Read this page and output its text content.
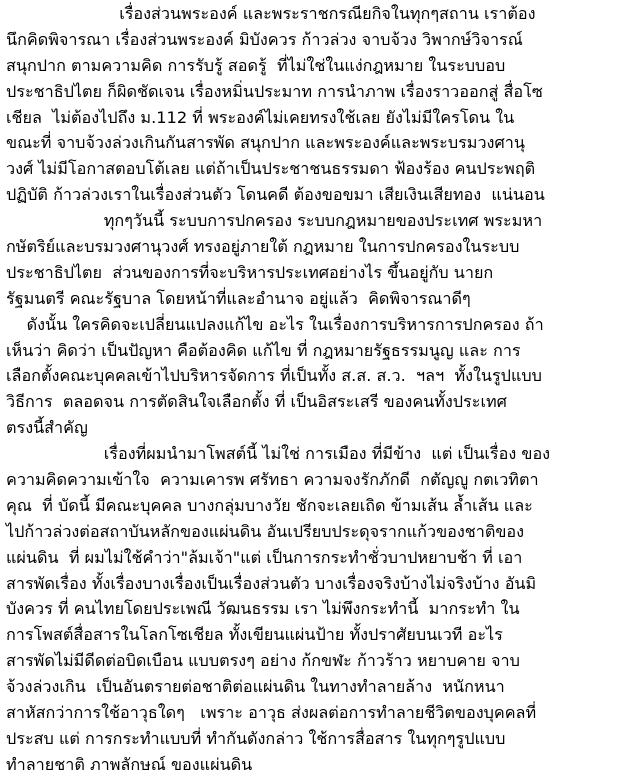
เรื่องส่วนพระองค์ และพระราชกรณียกิจในทุกๆสถาน เราต้อง
นึกคิดพิจารณา เรื่องส่วนพระองค์ มิบังควร ก้าวล่วง จาบจ้วง วิพากษ์วิจารณ์
สนุกปาก ตามความคิด การรับรู้ สอดรู้  ที่ไม่ใช่ในแง่กฎหมาย ในระบบอบ
ประชาธิปไตย ก็ผิดชัดเจน เรื่องหมิ่นประมาท การนำภาพ เรื่องราวออกสู่ สื่อโซ
เชียล  ไม่ต้องไปถึง ม.112 ที่ พระองค์ไม่เคยทรงใช้เลย ยังไม่มีใครโดน ใน
ขณะที่ จาบจ้วงล่วงเกินกันสารพัด สนุกปาก และพระองค์และพระบรมวงศานุ
วงศ์ ไม่มีโอกาสตอบโต้เลย แต่ถ้าเป็นประชาชนธรรมดา ฟ้องร้อง คนประพฤติ
ปฏิบัติ ก้าวล่วงเราในเรื่องส่วนตัว โดนคดี ต้องขอขมา เสียเงินเสียทอง  แน่นอน
ทุกๆวันนี้ ระบบการปกครอง ระบบกฎหมายของประเทศ พระมหา
กษัตริย์และบรมวงศานุวงศ์ ทรงอยู่ภายใต้ กฎหมาย ในการปกครองในระบบ
ประชาธิปไตย  ส่วนของการที่จะบริหารประเทศอย่างไร ขึ้นอยู่กับ นายก
รัฐมนตรี คณะรัฐบาล โดยหน้าที่และอำนาจ อยู่แล้ว  คิดพิจารณาดีๆ
ดังนั้น ใครคิดจะเปลี่ยนแปลงแก้ไข อะไร ในเรื่องการบริหารการปกครอง ถ้า
เห็นว่า คิดว่า เป็นปัญหา คือต้องคิด แก้ไข ที่ กฎหมายรัฐธรรมนูญ และ การ
เลือกตั้งคณะบุคคลเข้าไปบริหารจัดการ ที่เป็นทั้ง ส.ส. ส.ว.  ฯลฯ  ทั้งในรูปแบบ
วิธีการ  ตลอดจน การตัดสินใจเลือกตั้ง ที่ เป็นอิสระเสรี ของคนทั้งประเทศ
ตรงนี้สำคัญ
เรื่องที่ผมนำมาโพสต์นี้ ไม่ใช่ การเมือง ที่มีข้าง  แต่ เป็นเรื่อง ของ
ความคิดความเข้าใจ  ความเคารพ ศรัทธา ความจงรักภักดี  กตัญญู กตเวทิตา
คุณ  ที่ บัดนี้ มีคณะบุคคล บางกลุ่มบางวัย ชักจะเลยเถิด ข้ามเส้น ล้ำเส้น และ
ไปก้าวล่วงต่อสถาบันหลักของแผ่นดิน อันเปรียบประดุจรากแก้วของชาติของ
แผ่นดิน  ที่ ผมไม่ใช้คำว่า"ล้มเจ้า"แต่ เป็นการกระทำชั่วบาปหยาบช้า ที่ เอา
สารพัดเรื่อง ทั้งเรื่องบางเรื่องเป็นเรื่องส่วนตัว บางเรื่องจริงบ้างไม่จริงบ้าง อันมิ
บังควร ที่ คนไทยโดยประเพณี วัฒนธรรม เรา ไม่พึงกระทำนี้  มากระทำ ใน
การโพสต์สื่อสารในโลกโซเชียล ทั้งเขียนแผ่นป้าย ทั้งปราศัยบนเวที อะไร
สารพัดไม่มีดีดต่อบิดเบือน แบบตรงๆ อย่าง ก้กขฬะ ก้าวร้าว หยาบคาย จาบ
จ้วงล่วงเกิน  เป็นอันตรายต่อชาติต่อแผ่นดิน ในทางทำลายล้าง  หนักหนา
สาหัสกว่าการใช้อาวุธใดๆ   เพราะ อาวุธ ส่งผลต่อการทำลายชีวิตของบุคคลที่
ประสบ แต่ การกระทำแบบที่ ทำกันดังกล่าว ใช้การสื่อสาร ในทุกๆรูปแบบ
ทำลายชาติ ภาพลักษณ์ ของแผ่นดิน
